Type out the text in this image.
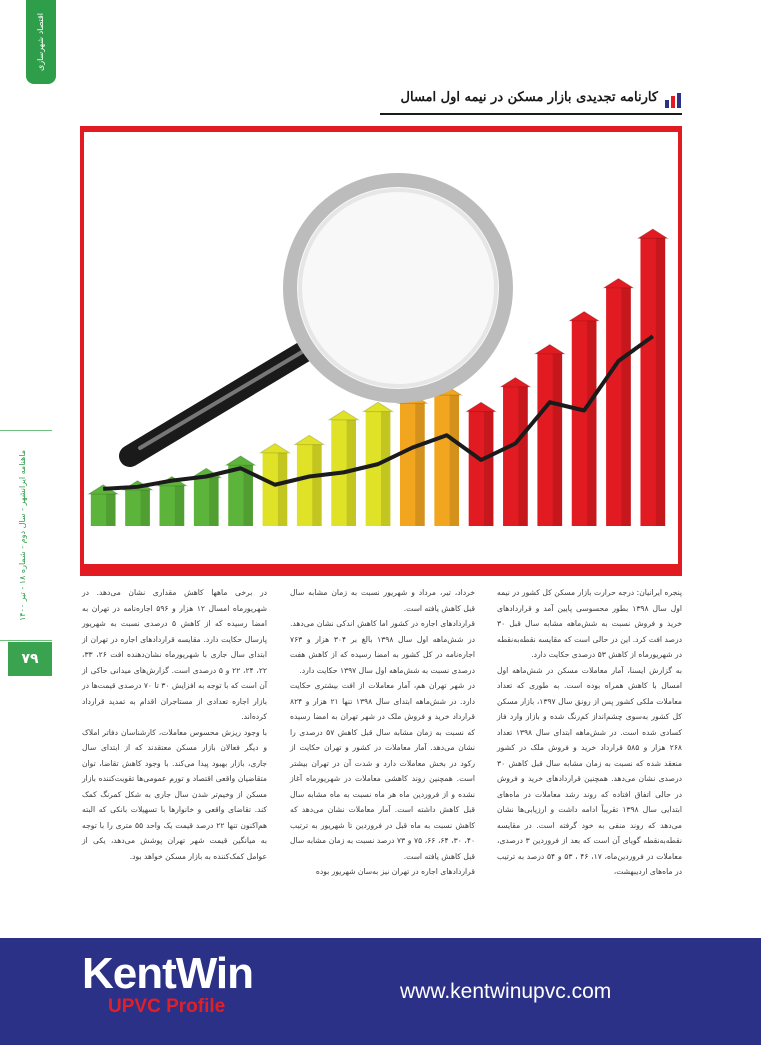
اقتصاد شهرسازی
ماهنامه ایرانشهر - سال دوم - شماره ۱۸ - تیر ۱۴۰۰
۷۹
کارنامه تجدیدی بازار مسکن در نیمه اول امسال

پنجره ایرانیان: درجه حرارت بازار مسکن کل کشور در نیمه اول سال ۱۳۹۸ بطور محسوسی پایین آمد و قراردادهای خرید و فروش نسبت به شش‌ماهه مشابه سال قبل ۳۰ درصد افت کرد. این در حالی است که مقایسه نقطه‌به‌نقطه در شهریورماه از کاهش ۵۳ درصدی حکایت دارد.

به گزارش ایسنا، آمار معاملات مسکن در شش‌ماهه اول امسال با کاهش همراه بوده است. به طوری که تعداد معاملات ملکی کشور پس از رونق سال ۱۳۹۷، بازار مسکن کل کشور به‌سوی چشم‌انداز کم‌رنگ شده و بازار وارد فاز کسادی شده است. در شش‌ماهه ابتدای سال ۱۳۹۸ تعداد ۲۶۸ هزار و ۵۸۵ قرارداد خرید و فروش ملک در کشور منعقد شده که نسبت به زمان مشابه سال قبل کاهش ۳۰ درصدی نشان می‌دهد. همچنین قراردادهای خرید و فروش در حالی اتفاق افتاده که روند رشد معاملات در ماه‌های ابتدایی سال ۱۳۹۸ تقریباً ادامه داشت و ارزیابی‌ها نشان می‌دهد که روند منفی به خود گرفته است. در مقایسه نقطه‌به‌نقطه گویای آن است که بعد از فروردین ۳ درصدی، معاملات در فروردین‌ماه، ۱۷، ۴۶ ، ۵۳ و ۵۴ درصد به ترتیب در ماه‌های اردیبهشت،

خرداد، تیر، مرداد و شهریور نسبت به زمان مشابه سال قبل کاهش یافته است.

قراردادهای اجاره در کشور اما کاهش اندکی نشان می‌دهد. در شش‌ماهه اول سال ۱۳۹۸ بالغ بر ۳۰۴ هزار و ۷۶۳ اجاره‌نامه در کل کشور به امضا رسیده که از کاهش هفت درصدی نسبت به شش‌ماهه اول سال ۱۳۹۷ حکایت دارد.

در شهر تهران هم، آمار معاملات از افت بیشتری حکایت دارد. در شش‌ماهه ابتدای سال ۱۳۹۸ تنها ۲۱ هزار و ۸۲۴ قرارداد خرید و فروش ملک در شهر تهران به امضا رسیده که نسبت به زمان مشابه سال قبل کاهش ۵۷ درصدی را نشان می‌دهد. آمار معاملات در کشور و تهران حکایت از رکود در بخش معاملات دارد و شدت آن در تهران بیشتر است. همچنین روند کاهشی معاملات در شهریورماه آغاز نشده و از فروردین ماه هر ماه نسبت به ماه مشابه سال قبل کاهش داشته است. آمار معاملات نشان می‌دهد که کاهش نسبت به ماه قبل در فروردین تا شهریور به ترتیب ۴۰، ۳۰، ۶۴، ۶۶، ۷۵ و ۷۳ درصد نسبت به زمان مشابه سال قبل کاهش یافته است.

قراردادهای اجاره در تهران نیز به‌سان شهریور بوده

در برخی ماهها کاهش مقداری نشان می‌دهد. در شهریورماه امسال ۱۲ هزار و ۵۹۶ اجاره‌نامه در تهران به امضا رسیده که از کاهش ۵ درصدی نسبت به شهریور پارسال حکایت دارد. مقایسه قراردادهای اجاره در تهران از ابتدای سال جاری با شهریورماه نشان‌دهنده افت ۲۶، ۳۳، ۲۲، ۲۴، ۲۲ و ۵ درصدی است. گزارش‌های میدانی حاکی از آن است که با توجه به افزایش ۳۰ تا ۷۰ درصدی قیمت‌ها در بازار اجاره تعدادی از مستاجران اقدام به تمدید قرارداد کرده‌اند.

با وجود ریزش محسوس معاملات، کارشناسان دفاتر املاک و دیگر فعالان بازار مسکن معتقدند که از ابتدای سال جاری، بازار بهبود پیدا می‌کند. با وجود کاهش تقاضا، توان متقاضیان واقعی اقتصاد و تورم عمومی‌ها تقویت‌کننده بازار مسکن از وخیم‌تر شدن سال جاری به شکل کمرنگ کمک کند. تقاضای واقعی و خانوارها با تسهیلات بانکی که البته هم‌اکنون تنها ۲۲ درصد قیمت یک واحد ۵۵ متری را با توجه به میانگین قیمت شهر تهران پوشش می‌دهد، یکی از عوامل کمک‌کننده به بازار مسکن خواهد بود.

KentWin
UPVC Profile
www.kentwinupvc.com
